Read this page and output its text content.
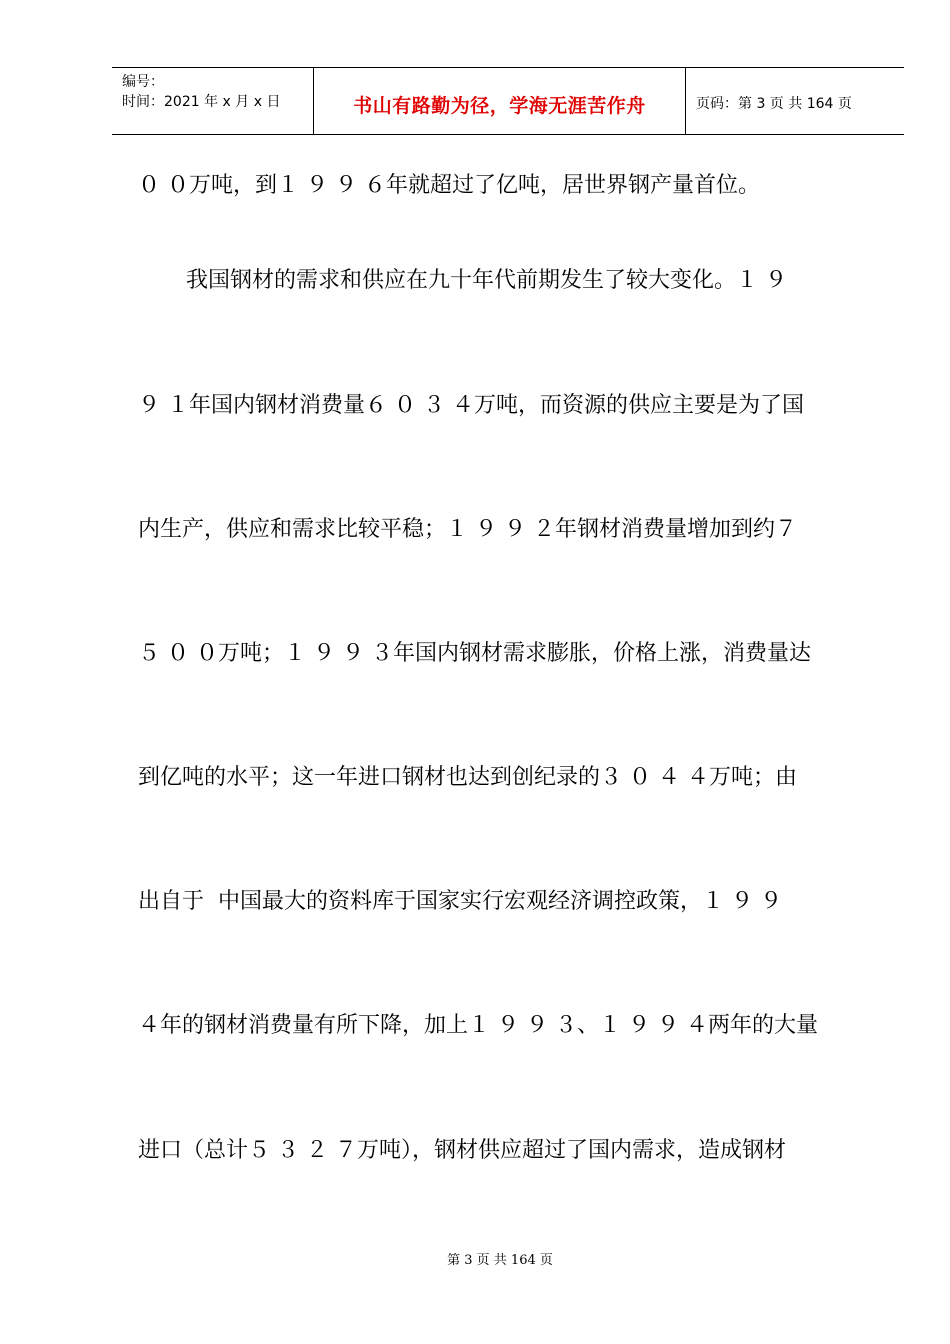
编号：
时间：2021 年 x 月 x 日	书山有路勤为径，学海无涯苦作舟	页码：第 3 页 共 164 页
０ ０万吨，到１ ９ ９ ６年就超过了亿吨，居世界钢产量首位。
我国钢材的需求和供应在九十年代前期发生了较大变化。１ ９
９ １年国内钢材消费量６ ０ ３ ４万吨，而资源的供应主要是为了国
内生产，供应和需求比较平稳；１ ９ ９ ２年钢材消费量增加到约７
５ ０ ０万吨；１ ９ ９ ３年国内钢材需求膨胀，价格上涨，消费量达
到亿吨的水平；这一年进口钢材也达到创纪录的３ ０ ４ ４万吨；由
出自于  中国最大的资料库于国家实行宏观经济调控政策，１ ９ ９
４年的钢材消费量有所下降，加上１ ９ ９ ３、１ ９ ９ ４两年的大量
进口（总计５ ３ ２ ７万吨），钢材供应超过了国内需求，造成钢材
第 3 页 共 164 页
